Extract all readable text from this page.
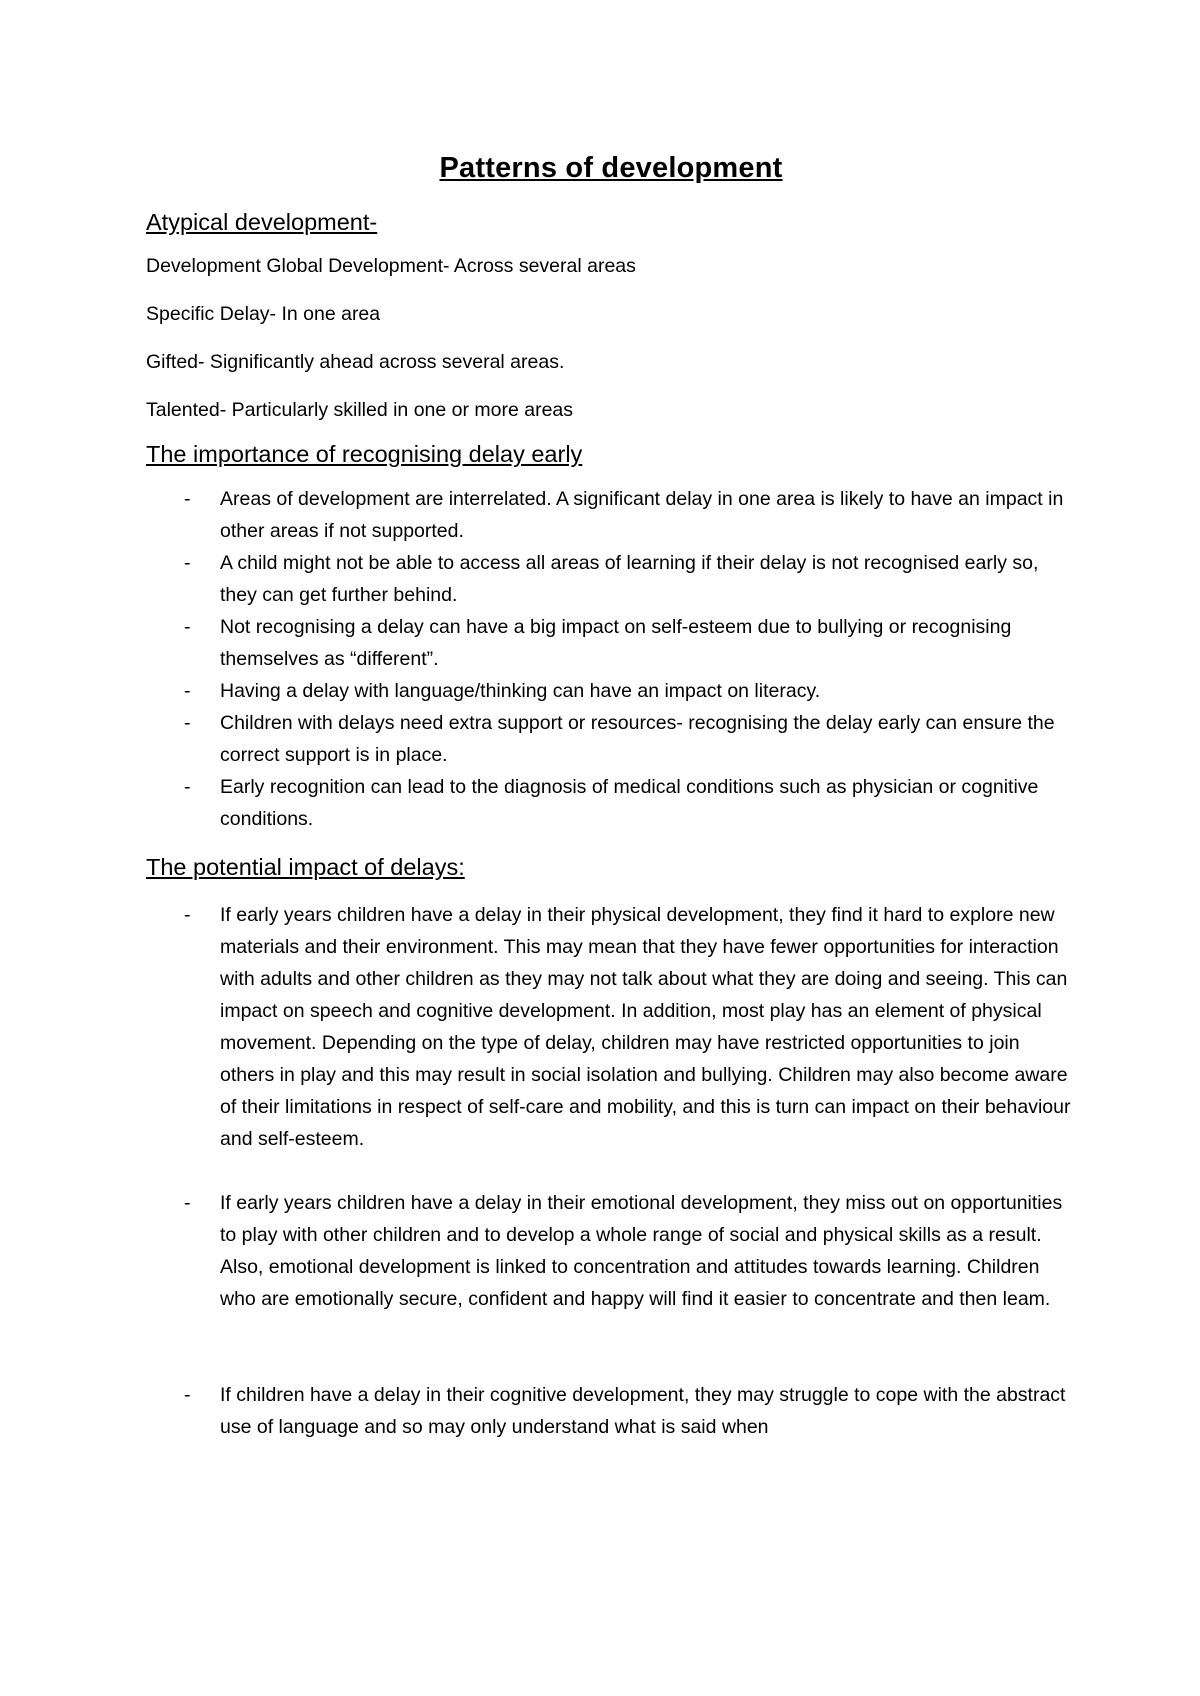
Patterns of development
Atypical development-
Development Global Development- Across several areas
Specific Delay- In one area
Gifted- Significantly ahead across several areas.
Talented- Particularly skilled in one or more areas
The importance of recognising delay early
- Areas of development are interrelated. A significant delay in one area is likely to have an impact in other areas if not supported.
- A child might not be able to access all areas of learning if their delay is not recognised early so, they can get further behind.
- Not recognising a delay can have a big impact on self-esteem due to bullying or recognising themselves as “different”.
- Having a delay with language/thinking can have an impact on literacy.
- Children with delays need extra support or resources- recognising the delay early can ensure the correct support is in place.
- Early recognition can lead to the diagnosis of medical conditions such as physician or cognitive conditions.
The potential impact of delays:
- If early years children have a delay in their physical development, they find it hard to explore new materials and their environment. This may mean that they have fewer opportunities for interaction with adults and other children as they may not talk about what they are doing and seeing. This can impact on speech and cognitive development. In addition, most play has an element of physical movement. Depending on the type of delay, children may have restricted opportunities to join others in play and this may result in social isolation and bullying. Children may also become aware of their limitations in respect of self-care and mobility, and this is turn can impact on their behaviour and self-esteem.
- If early years children have a delay in their emotional development, they miss out on opportunities to play with other children and to develop a whole range of social and physical skills as a result. Also, emotional development is linked to concentration and attitudes towards learning. Children who are emotionally secure, confident and happy will find it easier to concentrate and then leam.
- If children have a delay in their cognitive development, they may struggle to cope with the abstract use of language and so may only understand what is said when
